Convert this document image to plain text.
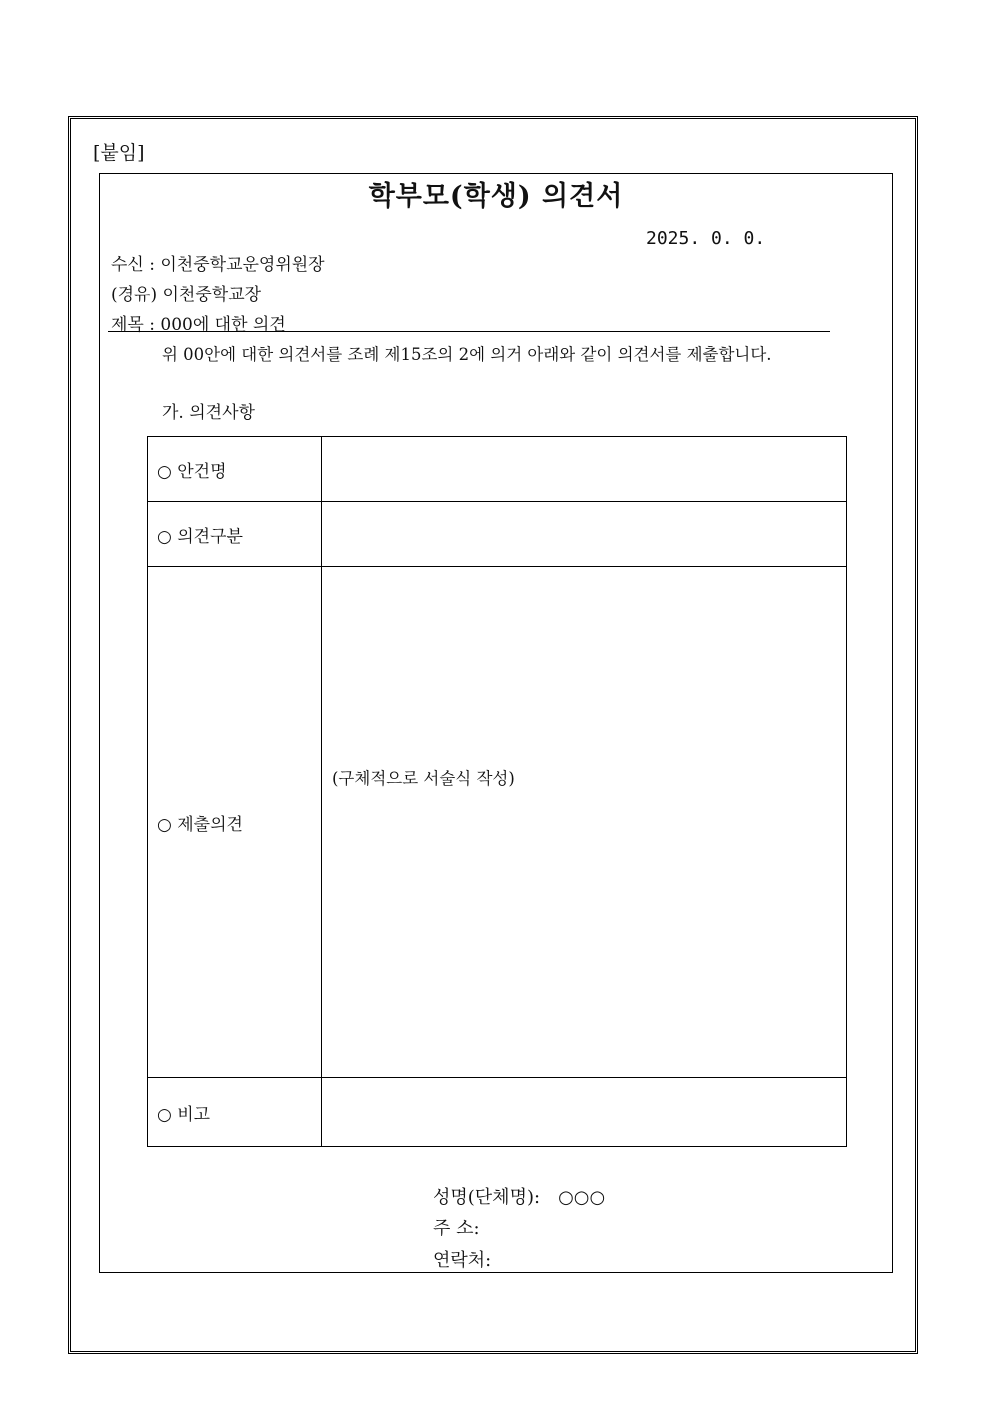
[붙임]
학부모(학생) 의견서
2025. 0. 0.
수신 : 이천중학교운영위원장
(경유) 이천중학교장
제목 : 000에 대한 의견
위 00안에 대한 의견서를 조례 제15조의 2에 의거 아래와 같이 의견서를 제출합니다.
가. 의견사항
○ 안건명	
○ 의견구분	
○ 제출의견	(구체적으로 서술식 작성)

○ 비고	
성명(단체명): ○○○
주 소:
연락처:
